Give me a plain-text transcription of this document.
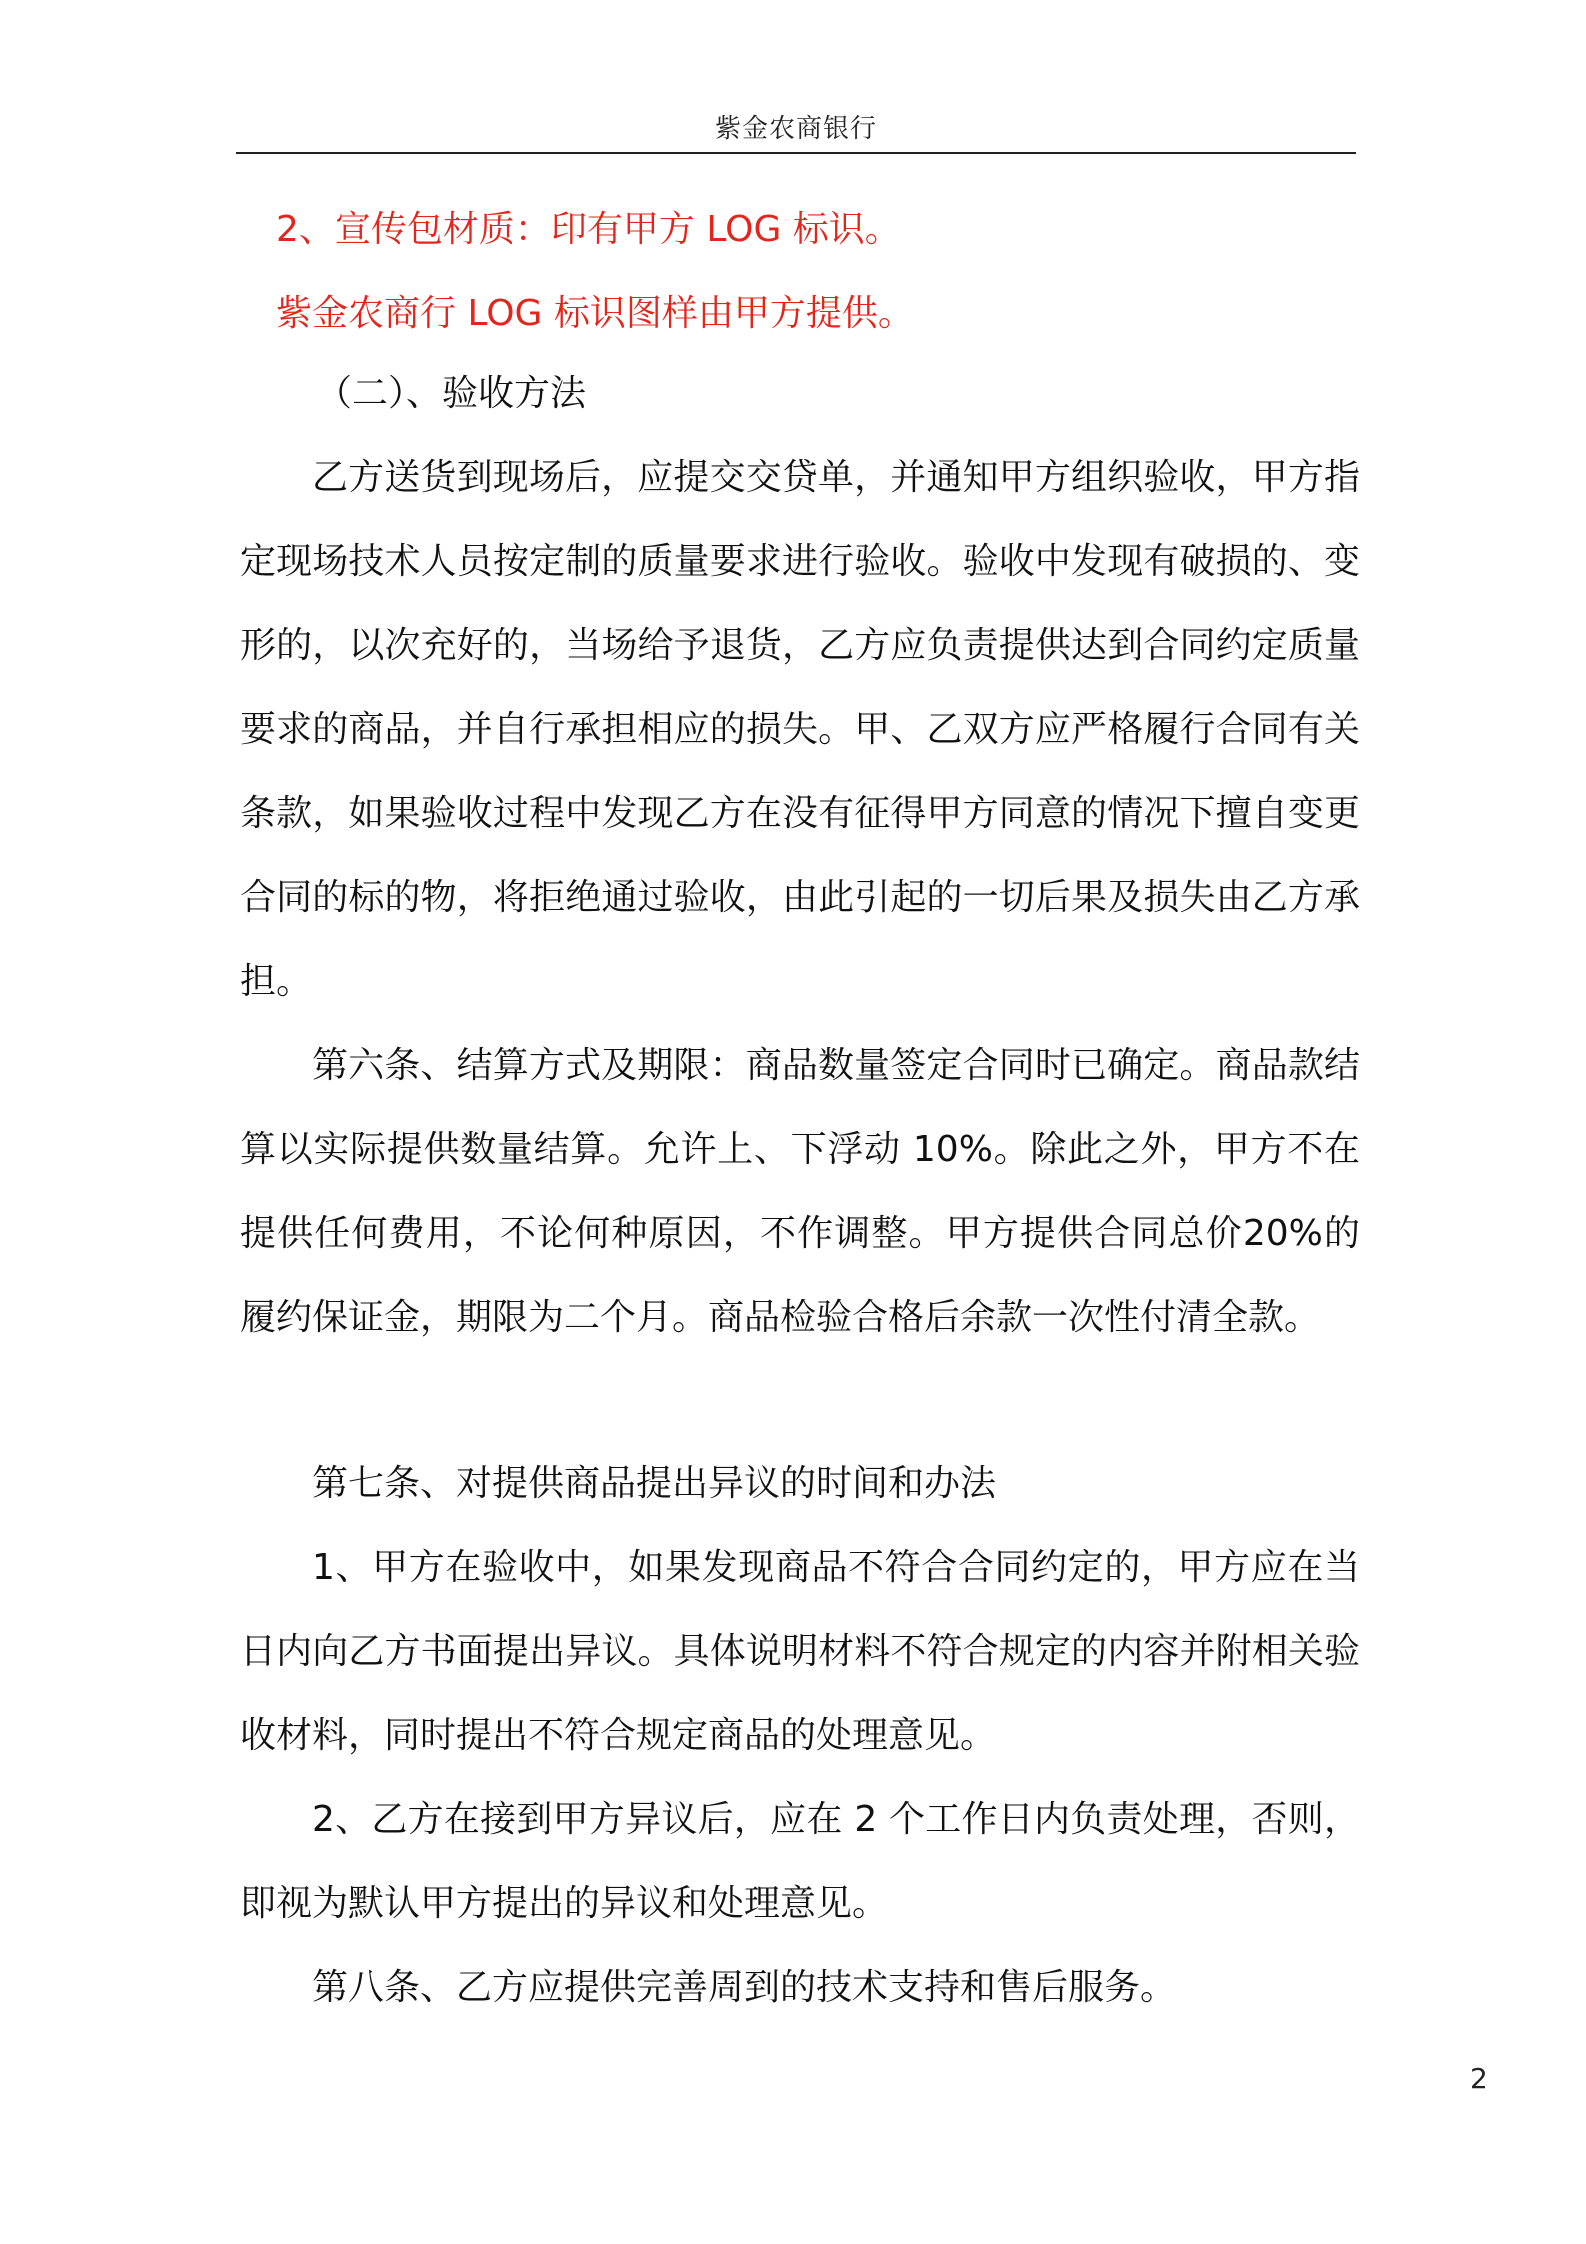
紫金农商银行

2、宣传包材质：印有甲方 LOG 标识。

紫金农商行 LOG 标识图样由甲方提供。

（二）、验收方法

乙方送货到现场后，应提交交贷单，并通知甲方组织验收，甲方指定现场技术人员按定制的质量要求进行验收。验收中发现有破损的、变形的，以次充好的，当场给予退货，乙方应负责提供达到合同约定质量要求的商品，并自行承担相应的损失。甲、乙双方应严格履行合同有关条款，如果验收过程中发现乙方在没有征得甲方同意的情况下擅自变更合同的标的物，将拒绝通过验收，由此引起的一切后果及损失由乙方承担。

第六条、结算方式及期限：商品数量签定合同时已确定。商品款结算以实际提供数量结算。允许上、下浮动 10%。除此之外，甲方不在提供任何费用，不论何种原因，不作调整。甲方提供合同总价20%的履约保证金，期限为二个月。商品检验合格后余款一次性付清全款。

第七条、对提供商品提出异议的时间和办法

1、甲方在验收中，如果发现商品不符合合同约定的，甲方应在当日内向乙方书面提出异议。具体说明材料不符合规定的内容并附相关验收材料，同时提出不符合规定商品的处理意见。

2、乙方在接到甲方异议后，应在 2 个工作日内负责处理，否则，即视为默认甲方提出的异议和处理意见。

第八条、乙方应提供完善周到的技术支持和售后服务。

2
